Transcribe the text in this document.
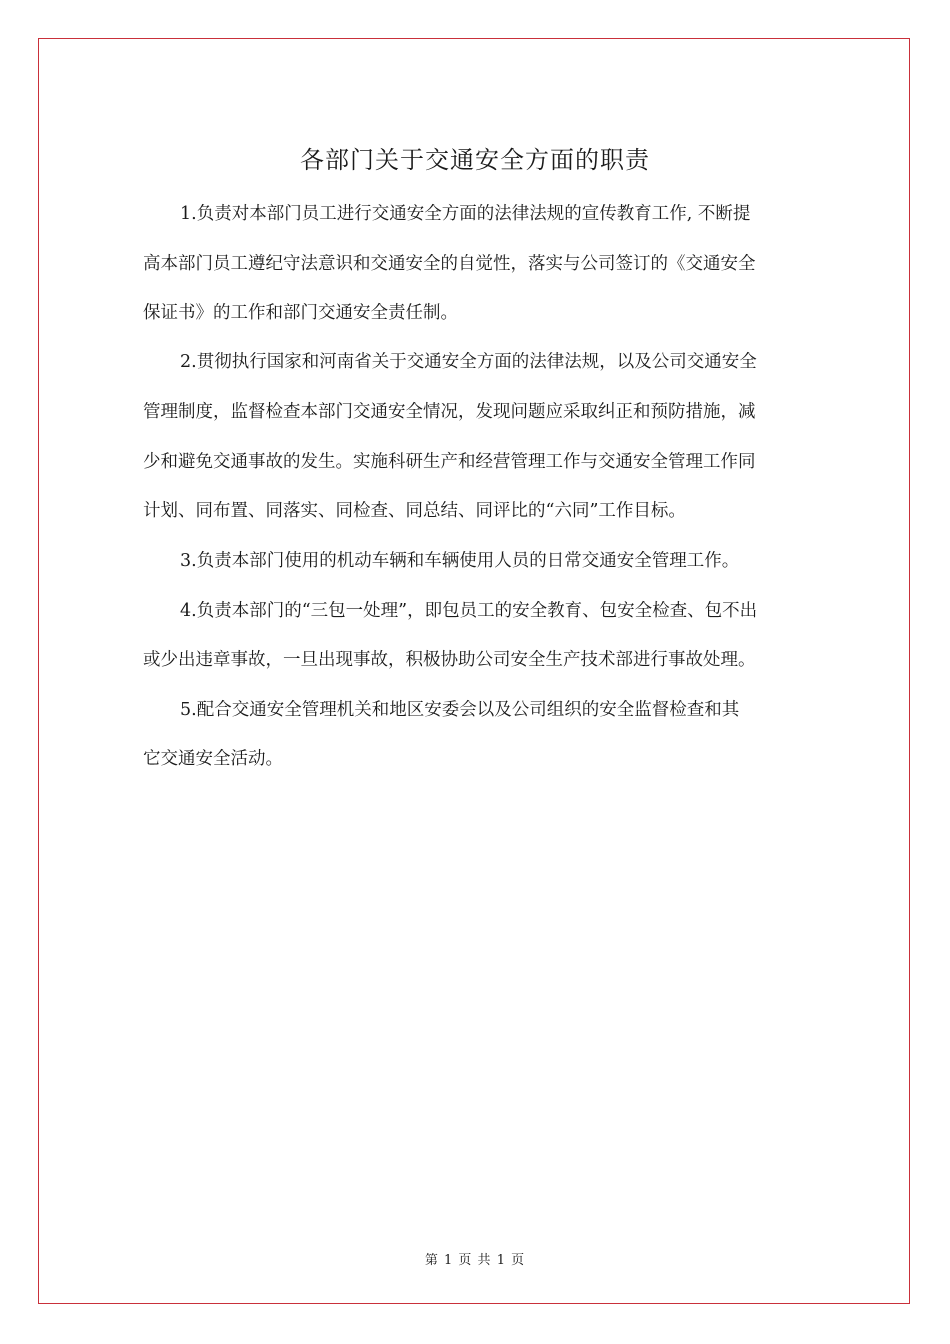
各部门关于交通安全方面的职责
1.负责对本部门员工进行交通安全方面的法律法规的宣传教育工作, 不断提
高本部门员工遵纪守法意识和交通安全的自觉性，落实与公司签订的《交通安全
保证书》的工作和部门交通安全责任制。
2.贯彻执行国家和河南省关于交通安全方面的法律法规，以及公司交通安全
管理制度，监督检查本部门交通安全情况，发现问题应采取纠正和预防措施，减
少和避免交通事故的发生。实施科研生产和经营管理工作与交通安全管理工作同
计划、同布置、同落实、同检查、同总结、同评比的“六同”工作目标。
3.负责本部门使用的机动车辆和车辆使用人员的日常交通安全管理工作。
4.负责本部门的“三包一处理”，即包员工的安全教育、包安全检查、包不出
或少出违章事故，一旦出现事故，积极协助公司安全生产技术部进行事故处理。
5.配合交通安全管理机关和地区安委会以及公司组织的安全监督检查和其
它交通安全活动。
第 1 页 共 1 页
